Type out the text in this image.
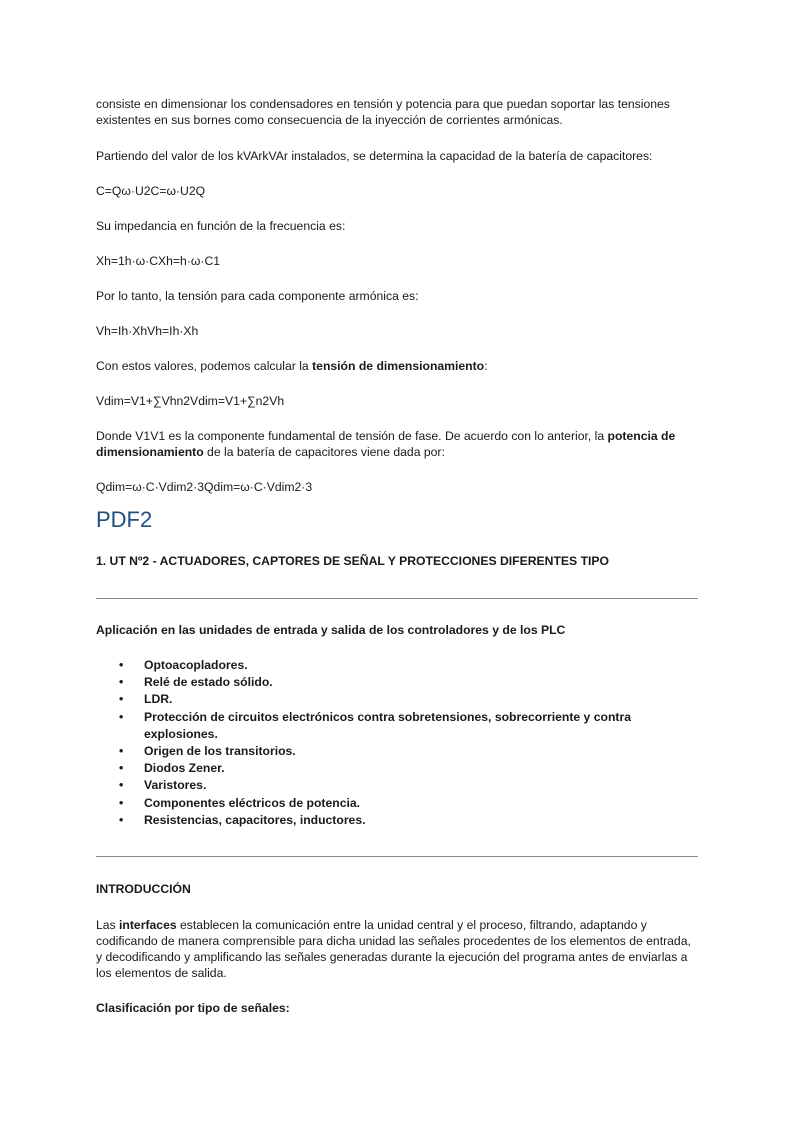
consiste en dimensionar los condensadores en tensión y potencia para que puedan soportar las tensiones existentes en sus bornes como consecuencia de la inyección de corrientes armónicas.

Partiendo del valor de los kVArkVAr instalados, se determina la capacidad de la batería de capacitores:

C=Qω·U2C=ω·U2Q

Su impedancia en función de la frecuencia es:

Xh=1h·ω·CXh=h·ω·C1

Por lo tanto, la tensión para cada componente armónica es:

Vh=Ih·XhVh=Ih·Xh

Con estos valores, podemos calcular la tensión de dimensionamiento:

Vdim=V1+∑Vhn2Vdim=V1+∑n2Vh

Donde V1V1 es la componente fundamental de tensión de fase. De acuerdo con lo anterior, la potencia de dimensionamiento de la batería de capacitores viene dada por:

Qdim=ω·C·Vdim2·3Qdim=ω·C·Vdim2·3

PDF2

1. UT Nº2 - ACTUADORES, CAPTORES DE SEÑAL Y PROTECCIONES DIFERENTES TIPO

Aplicación en las unidades de entrada y salida de los controladores y de los PLC

• Optoacopladores.
• Relé de estado sólido.
• LDR.
• Protección de circuitos electrónicos contra sobretensiones, sobrecorriente y contra explosiones.
• Origen de los transitorios.
• Diodos Zener.
• Varistores.
• Componentes eléctricos de potencia.
• Resistencias, capacitores, inductores.

INTRODUCCIÓN

Las interfaces establecen la comunicación entre la unidad central y el proceso, filtrando, adaptando y codificando de manera comprensible para dicha unidad las señales procedentes de los elementos de entrada, y decodificando y amplificando las señales generadas durante la ejecución del programa antes de enviarlas a los elementos de salida.

Clasificación por tipo de señales:
